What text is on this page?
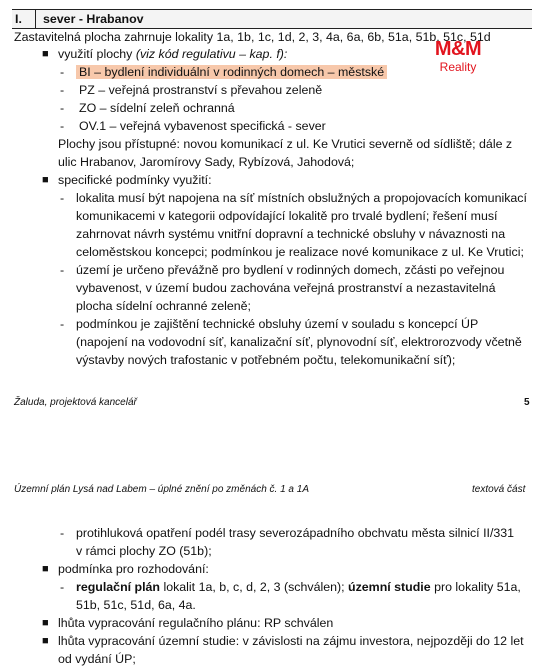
I. sever - Hrabanov
Zastavitelná plocha zahrnuje lokality 1a, 1b, 1c, 1d, 2, 3, 4a, 6a, 6b, 51a, 51b, 51c, 51d
M&M
Reality
■ využití plochy (viz kód regulativu – kap. f):
- BI – bydlení individuální v rodinných domech – městské
- PZ – veřejná prostranství s převahou zeleně
- ZO – sídelní zeleň ochranná
- OV.1 – veřejná vybavenost specifická - sever
Plochy jsou přístupné: novou komunikací z ul. Ke Vrutici severně od sídliště; dále z
ulic Hrabanov, Jaromírovy Sady, Rybízová, Jahodová;
■ specifické podmínky využití:
- lokalita musí být napojena na síť místních obslužných a propojovacích komunikací
komunikacemi v kategorii odpovídající lokalitě pro trvalé bydlení; řešení musí
zahrnovat návrh systému vnitřní dopravní a technické obsluhy v návaznosti na
celoměstskou koncepci; podmínkou je realizace nové komunikace z ul. Ke Vrutici;
- území je určeno převážně pro bydlení v rodinných domech, zčásti po veřejnou
vybavenost, v území budou zachována veřejná prostranství a nezastavitelná
plocha sídelní ochranné zeleně;
- podmínkou je zajištění technické obsluhy území v souladu s koncepcí ÚP
(napojení na vodovodní síť, kanalizační síť, plynovodní síť, elektrorozvody včetně
výstavby nových trafostanic v potřebném počtu, telekomunikační síť);
Žaluda, projektová kancelář	5
Územní plán Lysá nad Labem – úplné znění po změnách č. 1 a 1A	textová část
- protihluková opatření podél trasy severozápadního obchvatu města silnicí II/331
v rámci plochy ZO (51b);
■ podmínka pro rozhodování:
- regulační plán lokalit 1a, b, c, d, 2, 3 (schválen); územní studie pro lokality 51a,
51b, 51c, 51d, 6a, 4a.
■ lhůta vypracování regulačního plánu: RP schválen
■ lhůta vypracování územní studie: v závislosti na zájmu investora, nejpozději do 12 let
od vydání ÚP;
